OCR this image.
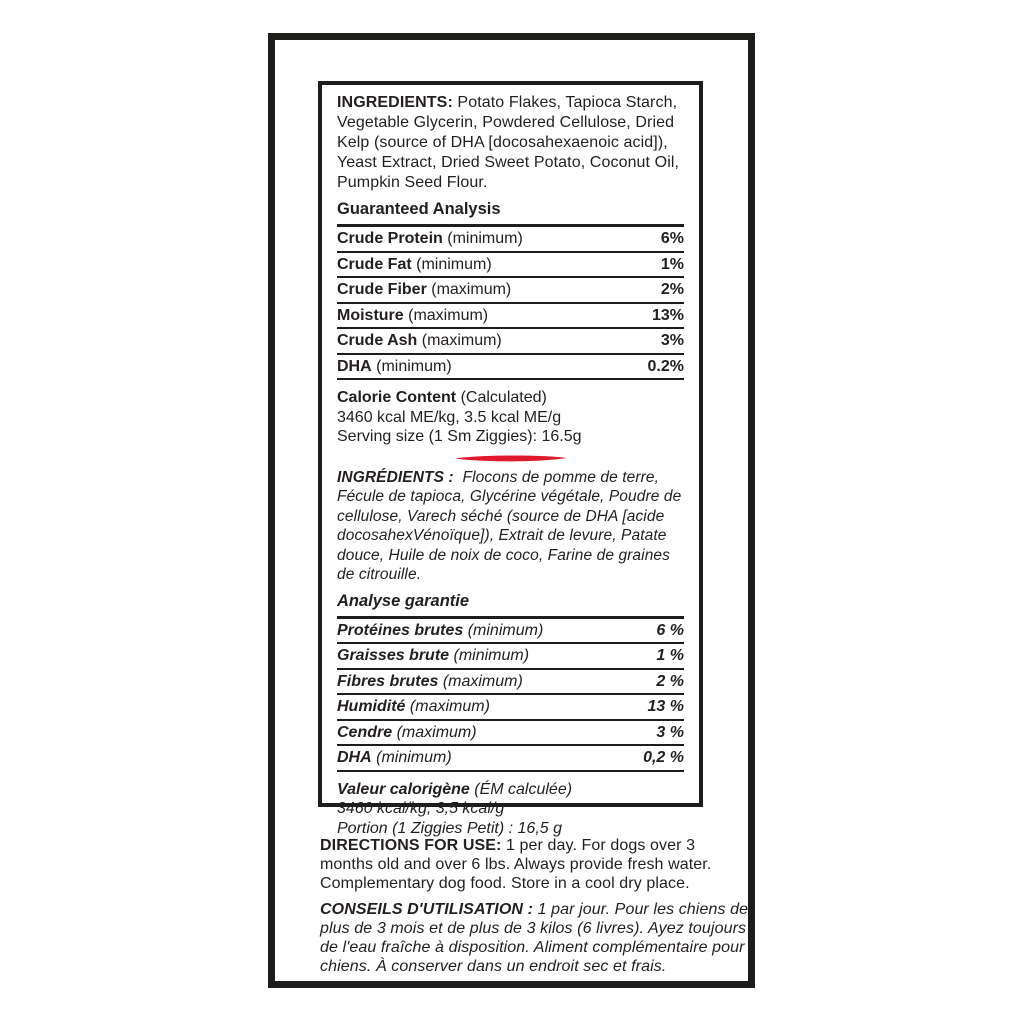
INGREDIENTS: Potato Flakes, Tapioca Starch, Vegetable Glycerin, Powdered Cellulose, Dried Kelp (source of DHA [docosahexaenoic acid]), Yeast Extract, Dried Sweet Potato, Coconut Oil, Pumpkin Seed Flour.

Guaranteed Analysis
Crude Protein (minimum)	6%
Crude Fat (minimum)	1%
Crude Fiber (maximum)	2%
Moisture (maximum)	13%
Crude Ash (maximum)	3%
DHA (minimum)	0.2%
Calorie Content (Calculated)
3460 kcal ME/kg, 3.5 kcal ME/g
Serving size (1 Sm Ziggies): 16.5g

INGRÉDIENTS : Flocons de pomme de terre, Fécule de tapioca, Glycérine végétale, Poudre de cellulose, Varech séché (source de DHA [acide docosahexVénoïque]), Extrait de levure, Patate douce, Huile de noix de coco, Farine de graines de citrouille.

Analyse garantie
Protéines brutes (minimum)	6 %
Graisses brute (minimum)	1 %
Fibres brutes (maximum)	2 %
Humidité (maximum)	13 %
Cendre (maximum)	3 %
DHA (minimum)	0,2 %
Valeur calorigène (ÉM calculée)
3460 kcal/kg, 3,5 kcal/g
Portion (1 Ziggies Petit) : 16,5 g

DIRECTIONS FOR USE: 1 per day. For dogs over 3 months old and over 6 lbs. Always provide fresh water. Complementary dog food. Store in a cool dry place.

CONSEILS D'UTILISATION : 1 par jour. Pour les chiens de plus de 3 mois et de plus de 3 kilos (6 livres). Ayez toujours de l'eau fraîche à disposition. Aliment complémentaire pour chiens. À conserver dans un endroit sec et frais.
